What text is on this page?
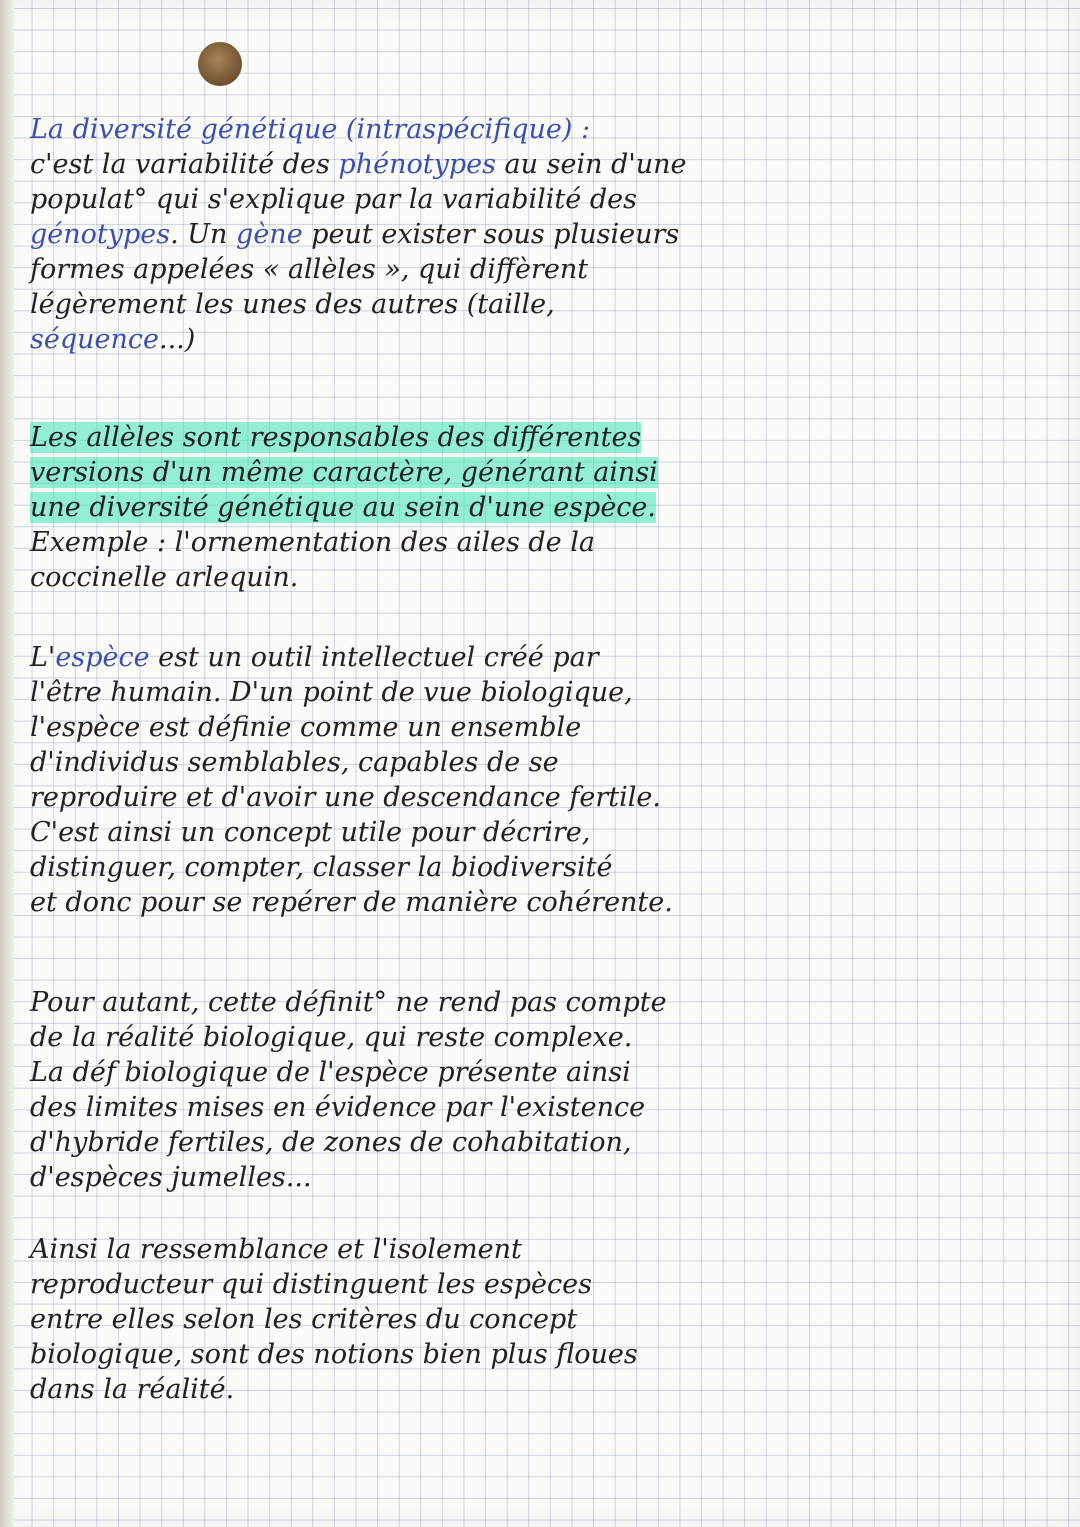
La diversité génétique (intraspécifique) :
c'est la variabilité des phénotypes au sein d'une
populat° qui s'explique par la variabilité des
génotypes. Un gène peut exister sous plusieurs
formes appelées « allèles », qui diffèrent
légèrement les unes des autres (taille,
séquence...)
Les allèles sont responsables des différentes
versions d'un même caractère, générant ainsi
une diversité génétique au sein d'une espèce.
Exemple : l'ornementation des ailes de la
coccinelle arlequin.
L'espèce est un outil intellectuel créé par
l'être humain. D'un point de vue biologique,
l'espèce est définie comme un ensemble
d'individus semblables, capables de se
reproduire et d'avoir une descendance fertile.
C'est ainsi un concept utile pour décrire,
distinguer, compter, classer la biodiversité
et donc pour se repérer de manière cohérente.
Pour autant, cette définit° ne rend pas compte
de la réalité biologique, qui reste complexe.
La déf biologique de l'espèce présente ainsi
des limites mises en évidence par l'existence
d'hybride fertiles, de zones de cohabitation,
d'espèces jumelles...
Ainsi la ressemblance et l'isolement
reproducteur qui distinguent les espèces
entre elles selon les critères du concept
biologique, sont des notions bien plus floues
dans la réalité.
